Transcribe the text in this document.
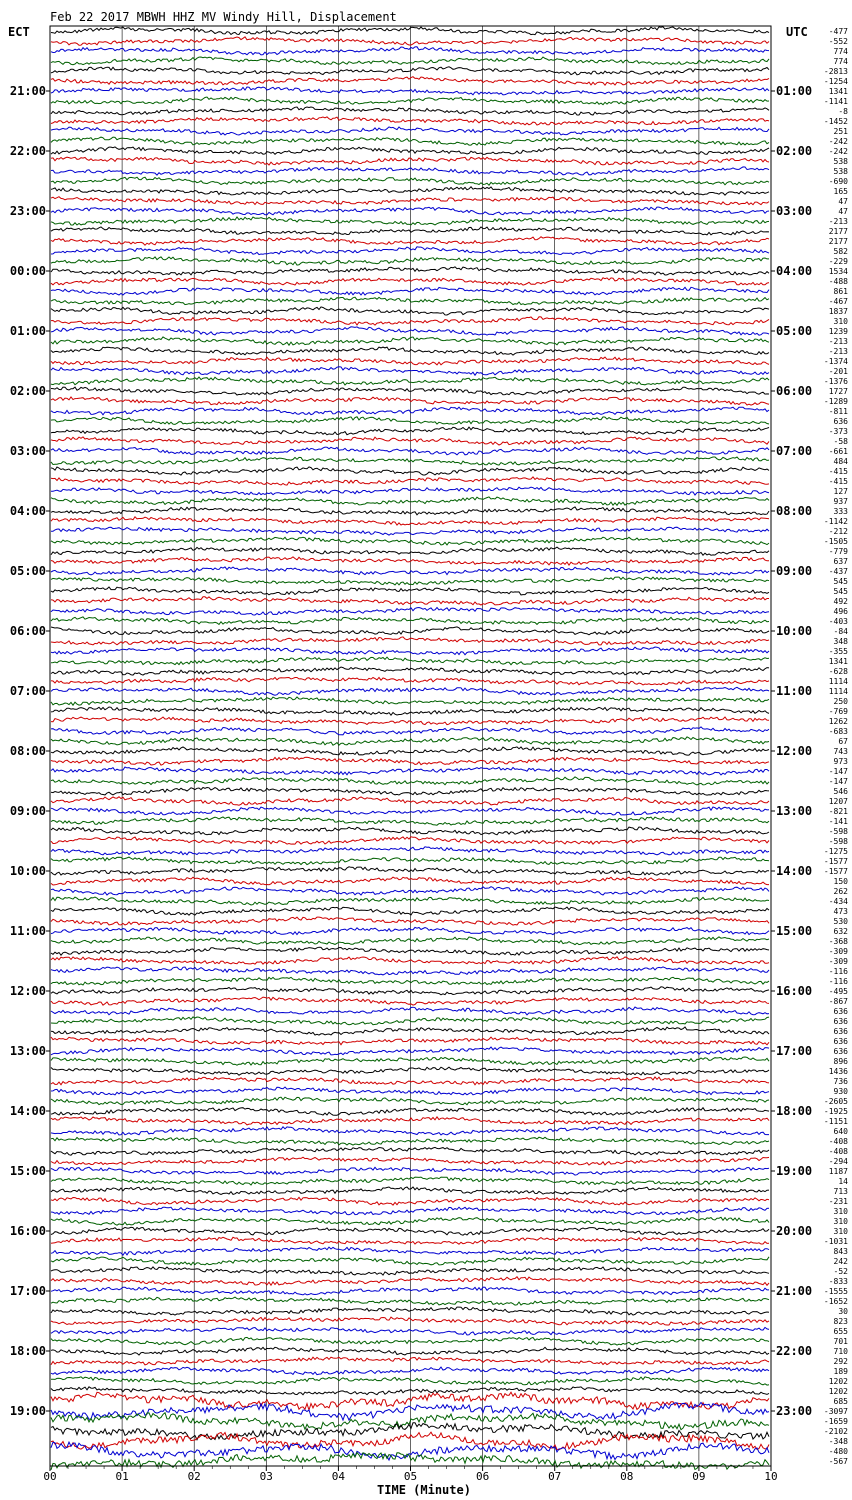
Feb 22 2017 MBWH HHZ MV Windy Hill, Displacement
ECT	UTC
21:00
22:00
23:00
00:00
01:00
02:00
03:00
04:00
05:00
06:00
07:00
08:00
09:00
10:00
11:00
12:00
13:00
14:00
15:00
16:00
17:00
18:00
19:00
01:00
02:00
03:00
04:00
05:00
06:00
07:00
08:00
09:00
10:00
11:00
12:00
13:00
14:00
15:00
16:00
17:00
18:00
19:00
20:00
21:00
22:00
23:00
-477
-552
774
774
-2813
-1254
1341
-1141
-8
-1452
251
-242
-242
538
538
-690
165
47
47
-213
2177
2177
582
-229
1534
-488
861
-467
1837
310
1239
-213
-213
-1374
-201
-1376
1727
-1289
-811
636
-373
-58
-661
484
-415
-415
127
937
333
-1142
-212
-1505
-779
637
-437
545
545
492
496
-403
-84
348
-355
1341
-628
1114
1114
250
-769
1262
-683
67
743
973
-147
-147
546
1207
-821
-141
-598
-598
-1275
-1577
-1577
150
262
-434
473
530
632
-368
-309
-309
-116
-116
-495
-867
636
636
636
636
636
896
1436
736
930
-2605
-1925
-1151
640
-408
-408
-294
1187
14
713
-231
310
310
310
-1031
843
242
-52
-833
-1555
-1652
30
823
655
701
710
292
189
1202
1202
685
-3097
-1659
-2102
-348
-480
-567
00	01	02	03	04	05	06	07	08	09	10
TIME (Minute)
